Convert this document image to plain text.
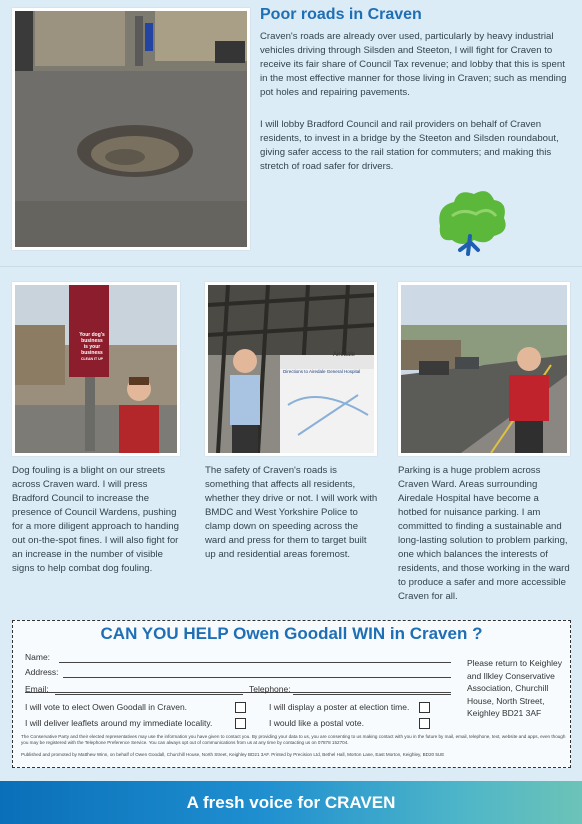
Poor roads in Craven

Craven's roads are already over used, particularly by heavy industrial vehicles driving through Silsden and Steeton, I will fight for Craven to receive its fair share of Council Tax revenue; and lobby that this is spent in the most effective manner for those living in Craven; such as mending pot holes and repairing pavements.

I will lobby Bradford Council and rail providers on behalf of Craven residents, to invest in a bridge by the Steeton and Silsden roundabout, giving safer access to the rail station for commuters; and making this stretch of road safer for drivers.

Your dog's
business
is your
business
CLEAN IT UP
Airedale
Directions to Airedale General Hospital

Dog fouling is a blight on our streets across Craven ward. I will press Bradford Council to increase the presence of Council Wardens, pushing for a more diligent approach to handing out on-the-spot fines. I will also fight for an increase in the number of visible signs to help combat dog fouling.

The safety of Craven's roads is something that affects all residents, whether they drive or not. I will work with BMDC and West Yorkshire Police to clamp down on speeding across the ward and press for them to target built up and residential areas foremost.

Parking is a huge problem across Craven Ward. Areas surrounding Airedale Hospital have become a hotbed for nuisance parking. I am committed to finding a sustainable and long-lasting solution to problem parking, one which balances the interests of residents, and those working in the ward to produce a safer and more accessible Craven for all.

CAN YOU HELP Owen Goodall WIN in Craven ?
Name:
Address:
Email:	Telephone:
I will vote to elect Owen Goodall in Craven.	I will display a poster at election time.
I will deliver leaflets around my immediate locality.	I would like a postal vote.
Please return to Keighley and Ilkley Conservative Association, Churchill House, North Street, Keighley BD21 3AF
The Conservative Party and their elected representatives may use the information you have given to contact you. By providing your data to us, you are consenting to us making contact with you in the future by mail, email, telephone, text, website and apps, even though you may be registered with the Telephone Preference Service. You can always opt out of communications from us at any time by contacting us on 07878 152704.
Published and promoted by Matthew Winn, on behalf of Owen Goodall, Churchill House, North Street, Keighley BD21 3AF. Printed by Precision Ltd, Bethel Hall, Morton Lane, East Morton, Keighley, BD20 5UE
A fresh voice for CRAVEN
